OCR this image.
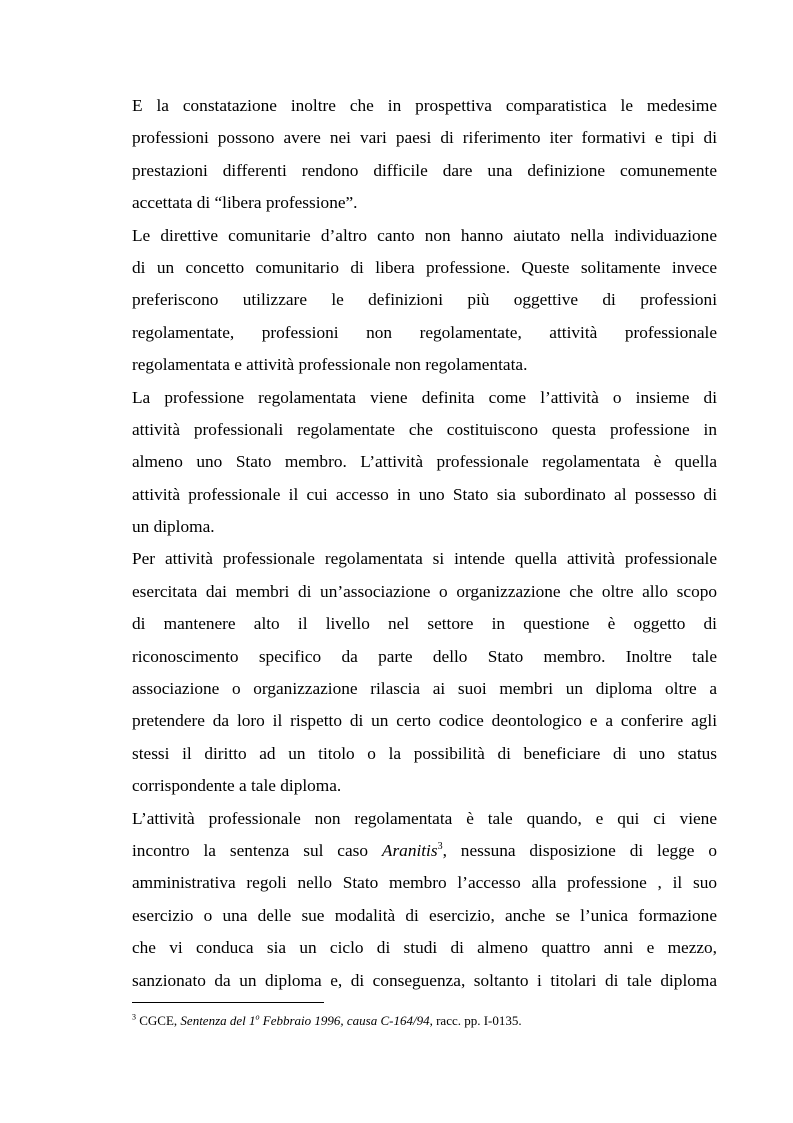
E la constatazione inoltre che in prospettiva comparatistica le medesime
professioni possono avere nei vari paesi di riferimento iter formativi e tipi di
prestazioni differenti rendono difficile dare una definizione comunemente
accettata di “libera professione”.
Le direttive comunitarie d’altro canto non hanno aiutato nella individuazione
di un concetto comunitario di libera professione. Queste solitamente invece
preferiscono utilizzare le definizioni più oggettive di professioni
regolamentate, professioni non regolamentate, attività professionale
regolamentata e attività professionale non regolamentata.
La professione regolamentata viene definita come l’attività o insieme di
attività professionali regolamentate che costituiscono questa professione in
almeno uno Stato membro. L’attività professionale regolamentata è quella
attività professionale il cui accesso in uno Stato sia subordinato al possesso di
un diploma.
Per attività professionale regolamentata si intende quella attività professionale
esercitata dai membri di un’associazione o organizzazione che oltre allo scopo
di mantenere alto il livello nel settore in questione è oggetto di
riconoscimento specifico da parte dello Stato membro. Inoltre tale
associazione o organizzazione rilascia ai suoi membri un diploma oltre a
pretendere da loro il rispetto di un certo codice deontologico e a conferire agli
stessi il diritto ad un titolo o la possibilità di beneficiare di uno status
corrispondente a tale diploma.
L’attività professionale non regolamentata è tale quando, e qui ci viene
incontro la sentenza sul caso Aranitis$^3$, nessuna disposizione di legge o
amministrativa regoli nello Stato membro l’accesso alla professione , il suo
esercizio o una delle sue modalità di esercizio, anche se l’unica formazione
che vi conduca sia un ciclo di studi di almeno quattro anni e mezzo,
sanzionato da un diploma e, di conseguenza, soltanto i titolari di tale diploma
$^3$ CGCE, Sentenza del 1$^o$ Febbraio 1996, causa C-164/94, racc. pp. I-0135.
